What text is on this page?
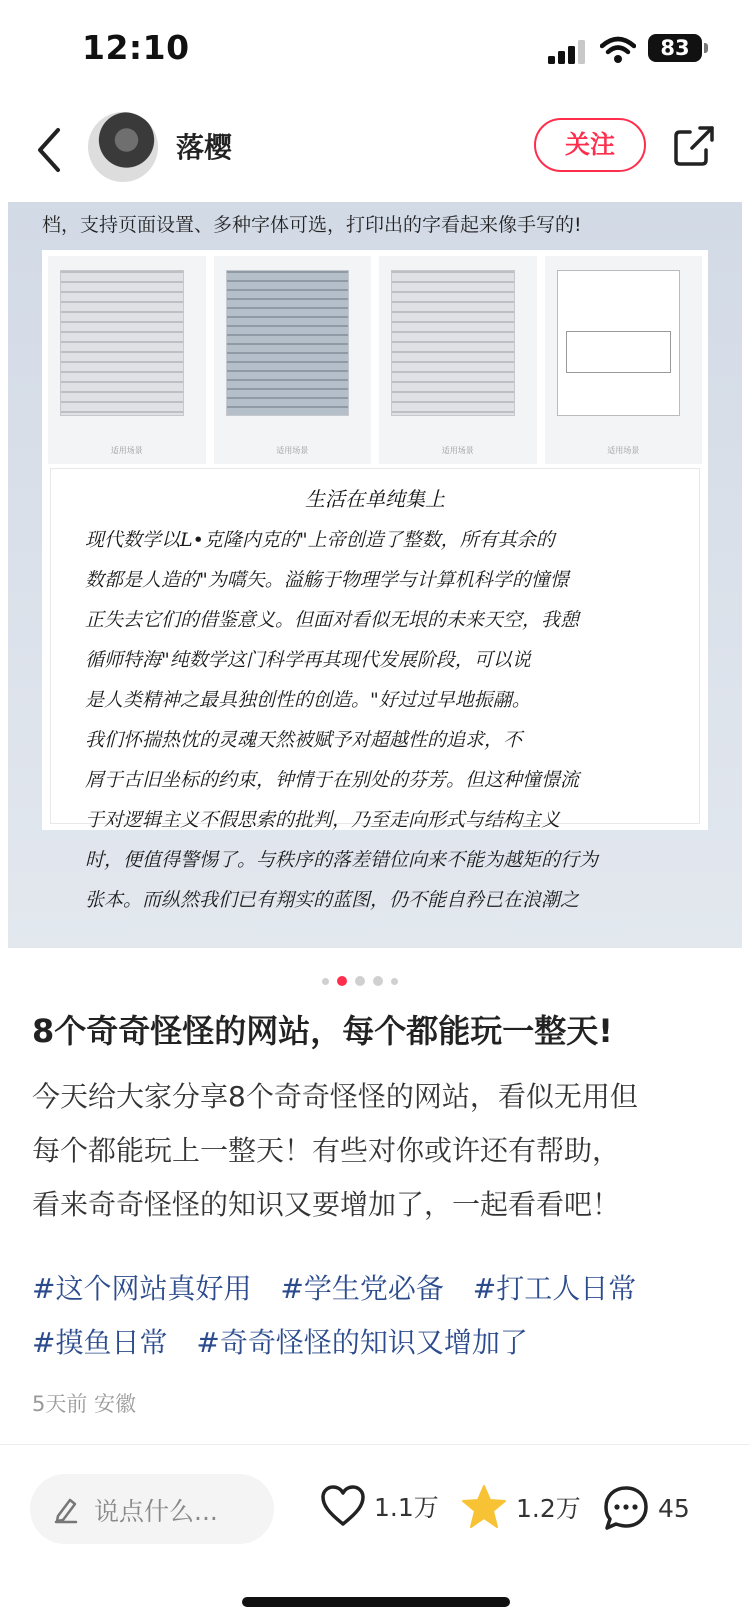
12:10	83
落樱	关注
档，支持页面设置、多种字体可选，打印出的字看起来像手写的!
适用场景	适用场景	适用场景	适用场景
生活在单纯集上
现代数学以L•克隆内克的"上帝创造了整数，所有其余的
数都是人造的"为嚆矢。溢觞于物理学与计算机科学的憧憬
正失去它们的借鉴意义。但面对看似无垠的未来天空，我憩
循师特海"纯数学这门科学再其现代发展阶段，可以说
是人类精神之最具独创性的创造。"好过过早地振翮。
我们怀揣热忱的灵魂天然被赋予对超越性的追求，不
屑于古旧坐标的约束，钟情于在别处的芬芳。但这种憧憬流
于对逻辑主义不假思索的批判，乃至走向形式与结构主义
时，便值得警惕了。与秩序的落差错位向来不能为越矩的行为
张本。而纵然我们已有翔实的蓝图，仍不能自矜已在浪潮之
8个奇奇怪怪的网站，每个都能玩一整天!
今天给大家分享8个奇奇怪怪的网站，看似无用但
每个都能玩上一整天！有些对你或许还有帮助，
看来奇奇怪怪的知识又要增加了，一起看看吧！
#这个网站真好用 #学生党必备 #打工人日常
#摸鱼日常 #奇奇怪怪的知识又增加了
5天前 安徽
说点什么...	1.1万	1.2万	45
